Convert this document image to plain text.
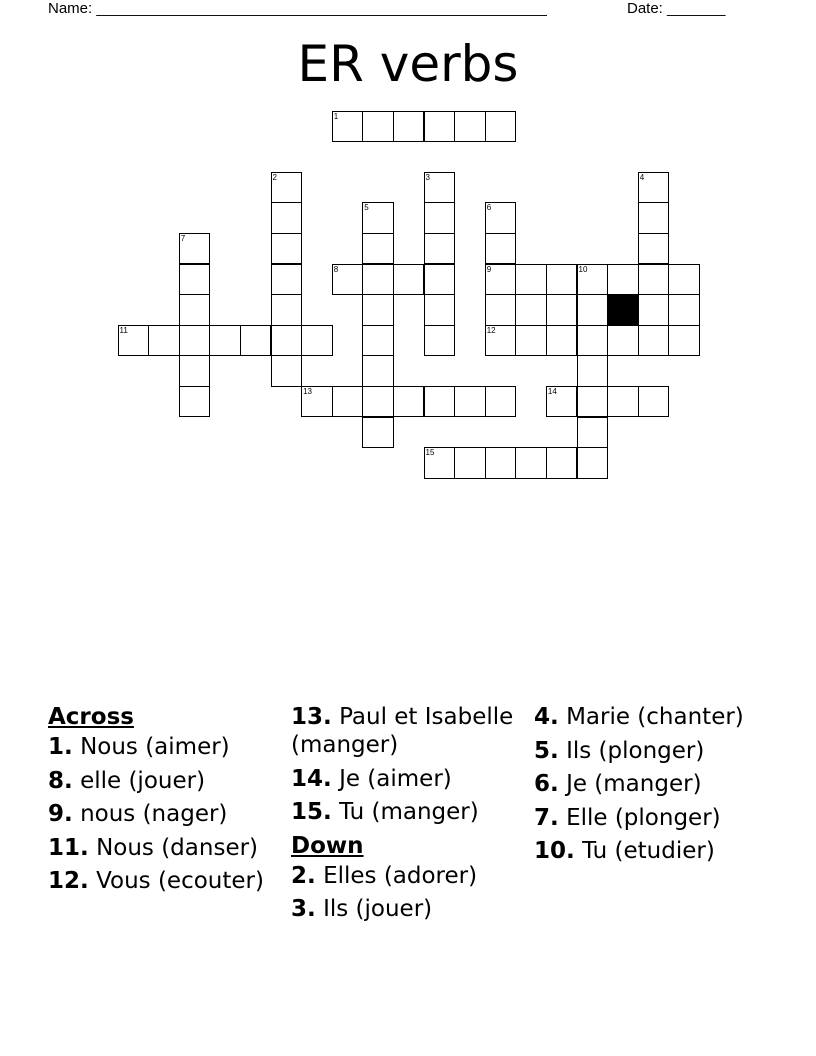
Name: ______________________________________________________	Date: _______
ER verbs
1
2	3	4
5	6
7
8	9	10
11	12
13	14
15
Across
1. Nous (aimer)
8. elle (jouer)
9. nous (nager)
11. Nous (danser)
12. Vous (ecouter)
13. Paul et Isabelle (manger)
14. Je (aimer)
15. Tu (manger)
Down
2. Elles (adorer)
3. Ils (jouer)
4. Marie (chanter)
5. Ils (plonger)
6. Je (manger)
7. Elle (plonger)
10. Tu (etudier)
